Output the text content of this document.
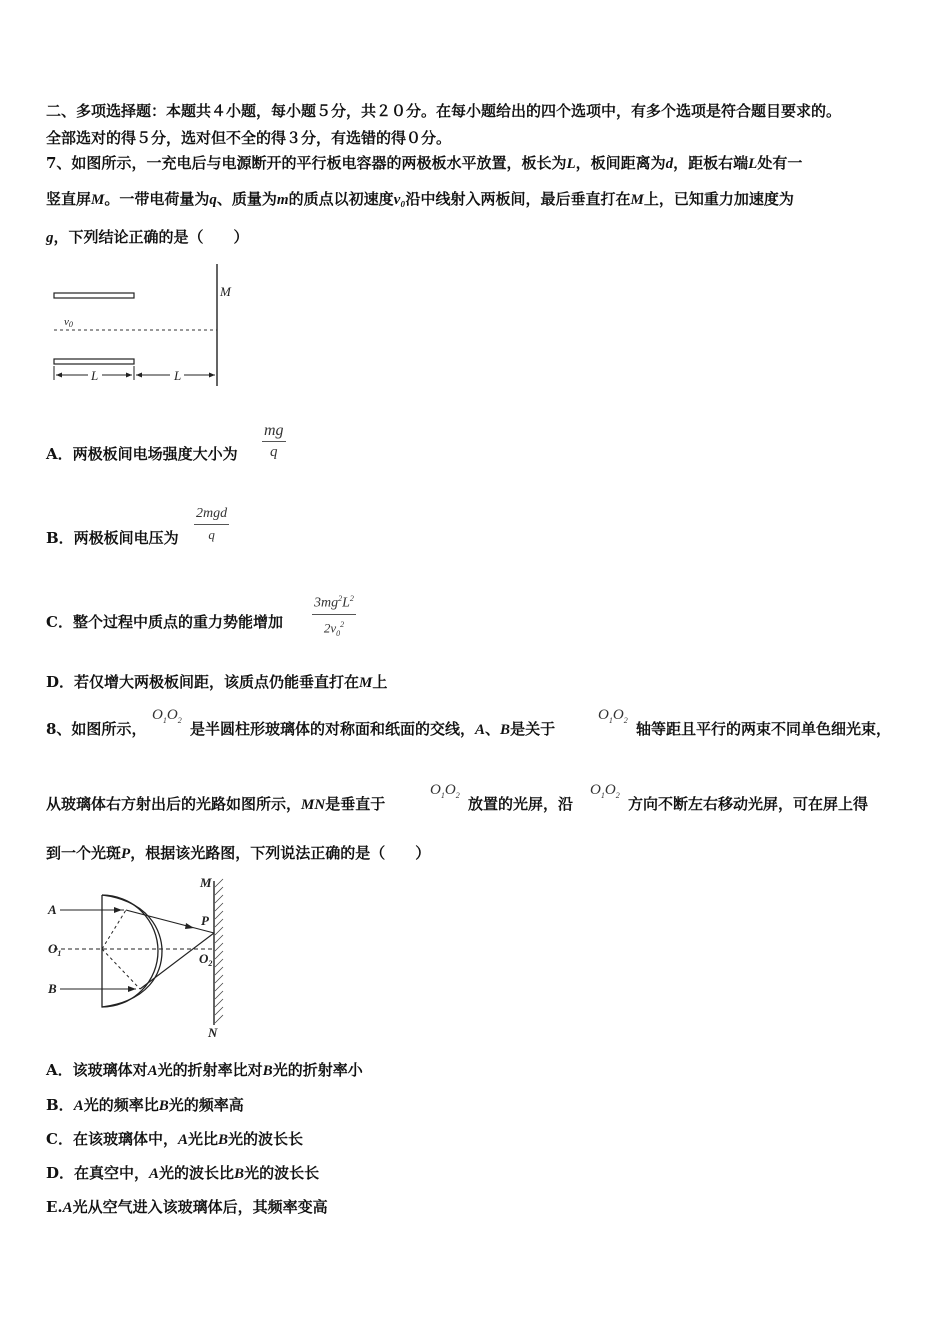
二、多项选择题：本题共４小题，每小题５分，共２０分。在每小题给出的四个选项中，有多个选项是符合题目要求的。
全部选对的得５分，选对但不全的得３分，有选错的得０分。
7、如图所示，一充电后与电源断开的平行板电容器的两极板水平放置，板长为L，板间距离为d，距板右端L处有一
竖直屏M。一带电荷量为q、质量为m的质点以初速度v₀沿中线射入两板间，最后垂直打在M上，已知重力加速度为
g，下列结论正确的是（　　）
M
v0
L	L
A．两极板间电场强度大小为 $\frac{mg}{q}$
B．两极板间电压为
2mgd
q
C．整个过程中质点的重力势能增加 $\frac{3mg^2L^2}{2v_0^2}$
D．若仅增大两极板间距，该质点仍能垂直打在M上
8、如图所示，
$O_1O_2$ 是半圆柱形玻璃体的对称面和纸面的交线，A、B是关于
$O_1O_2$ 轴等距且平行的两束不同单色细光束，
从玻璃体右方射出后的光路如图所示，MN是垂直于
$O_1O_2$ 放置的光屏，沿
$O_1O_2$ 方向不断左右移动光屏，可在屏上得
到一个光斑P，根据该光路图，下列说法正确的是（　　）
A
$O_1$
B
M
P
$O_2$
N
A．该玻璃体对A光的折射率比对B光的折射率小
B．A光的频率比B光的频率高
C．在该玻璃体中，A光比B光的波长长
D．在真空中，A光的波长比B光的波长长
E.A光从空气进入该玻璃体后，其频率变高
